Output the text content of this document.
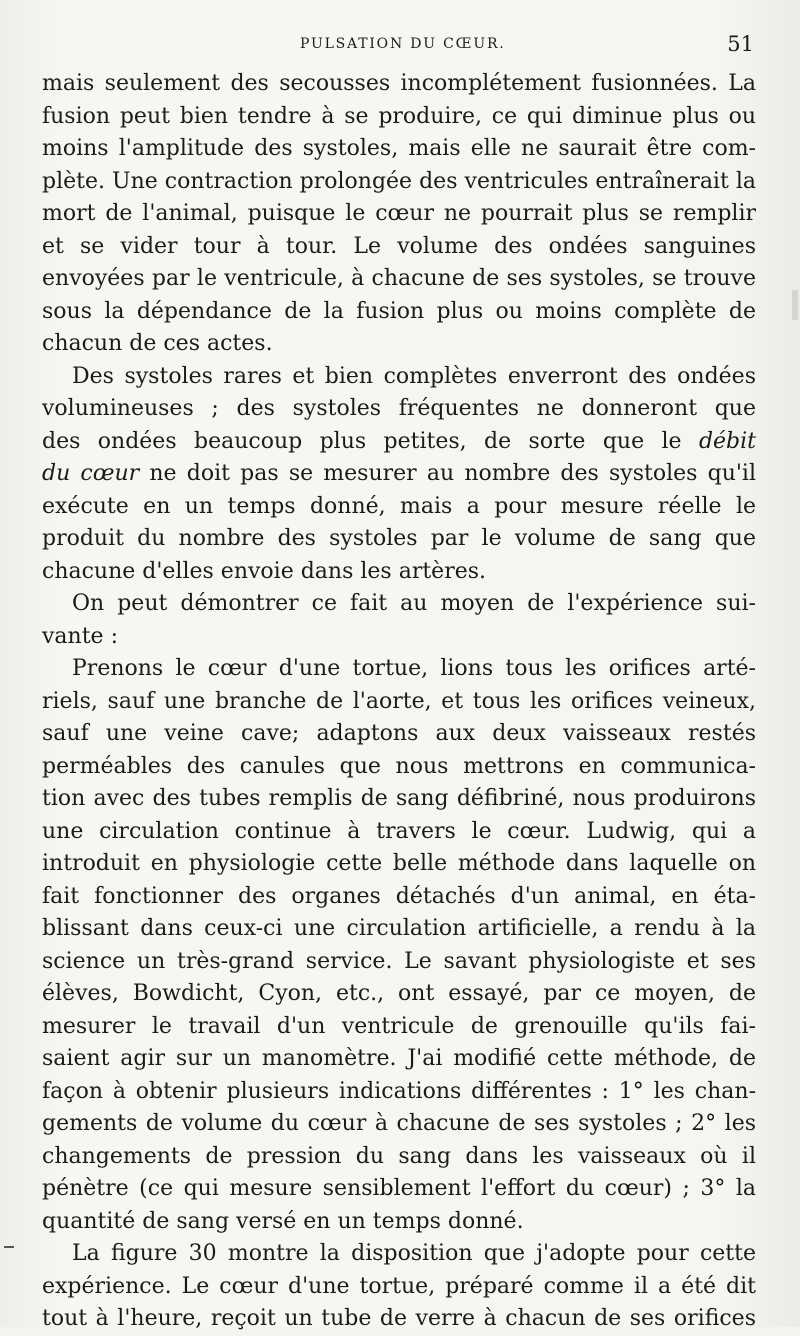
PULSATION DU CŒUR.	51
mais seulement des secousses incomplétement fusionnées. La
fusion peut bien tendre à se produire, ce qui diminue plus ou
moins l'amplitude des systoles, mais elle ne saurait être com-
plète. Une contraction prolongée des ventricules entraînerait la
mort de l'animal, puisque le cœur ne pourrait plus se remplir
et se vider tour à tour. Le volume des ondées sanguines
envoyées par le ventricule, à chacune de ses systoles, se trouve
sous la dépendance de la fusion plus ou moins complète de
chacun de ces actes.
Des systoles rares et bien complètes enverront des ondées
volumineuses ; des systoles fréquentes ne donneront que
des ondées beaucoup plus petites, de sorte que le débit
du cœur ne doit pas se mesurer au nombre des systoles qu'il
exécute en un temps donné, mais a pour mesure réelle le
produit du nombre des systoles par le volume de sang que
chacune d'elles envoie dans les artères.
On peut démontrer ce fait au moyen de l'expérience sui-
vante :
Prenons le cœur d'une tortue, lions tous les orifices arté-
riels, sauf une branche de l'aorte, et tous les orifices veineux,
sauf une veine cave; adaptons aux deux vaisseaux restés
perméables des canules que nous mettrons en communica-
tion avec des tubes remplis de sang défibriné, nous produirons
une circulation continue à travers le cœur. Ludwig, qui a
introduit en physiologie cette belle méthode dans laquelle on
fait fonctionner des organes détachés d'un animal, en éta-
blissant dans ceux-ci une circulation artificielle, a rendu à la
science un très-grand service. Le savant physiologiste et ses
élèves, Bowdicht, Cyon, etc., ont essayé, par ce moyen, de
mesurer le travail d'un ventricule de grenouille qu'ils fai-
saient agir sur un manomètre. J'ai modifié cette méthode, de
façon à obtenir plusieurs indications différentes : 1° les chan-
gements de volume du cœur à chacune de ses systoles ; 2° les
changements de pression du sang dans les vaisseaux où il
pénètre (ce qui mesure sensiblement l'effort du cœur) ; 3° la
quantité de sang versé en un temps donné.
La figure 30 montre la disposition que j'adopte pour cette
expérience. Le cœur d'une tortue, préparé comme il a été dit
tout à l'heure, reçoit un tube de verre à chacun de ses orifices
